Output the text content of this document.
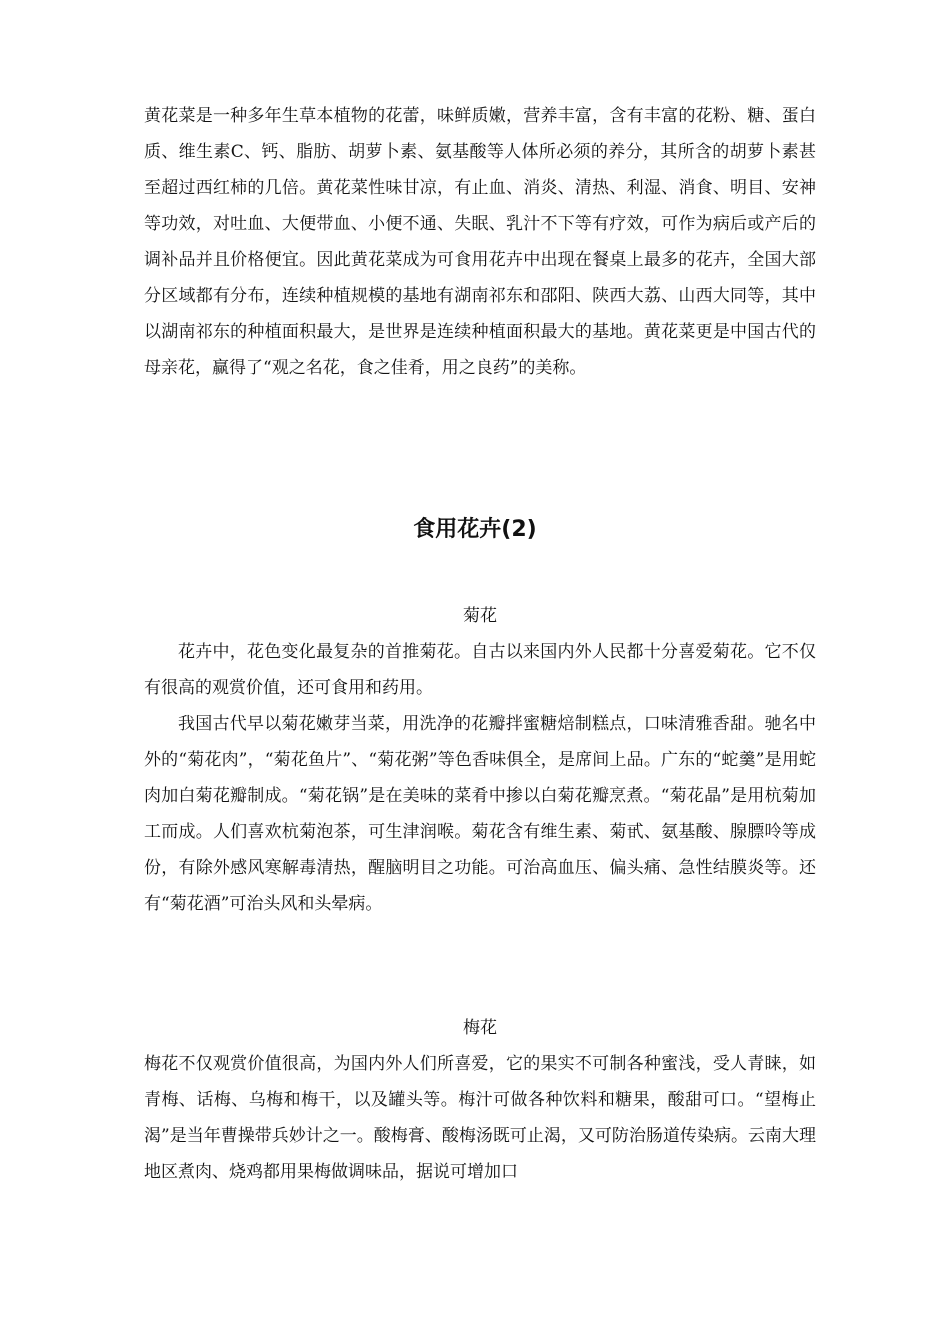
黄花菜是一种多年生草本植物的花蕾，味鲜质嫩，营养丰富，含有丰富的花粉、糖、蛋白质、维生素C、钙、脂肪、胡萝卜素、氨基酸等人体所必须的养分，其所含的胡萝卜素甚至超过西红柿的几倍。黄花菜性味甘凉，有止血、消炎、清热、利湿、消食、明目、安神等功效，对吐血、大便带血、小便不通、失眠、乳汁不下等有疗效，可作为病后或产后的调补品并且价格便宜。因此黄花菜成为可食用花卉中出现在餐桌上最多的花卉，全国大部分区域都有分布，连续种植规模的基地有湖南祁东和邵阳、陕西大荔、山西大同等，其中以湖南祁东的种植面积最大，是世界是连续种植面积最大的基地。黄花菜更是中国古代的母亲花，赢得了“观之名花，食之佳肴，用之良药”的美称。

食用花卉(2)

菊花

花卉中，花色变化最复杂的首推菊花。自古以来国内外人民都十分喜爱菊花。它不仅有很高的观赏价值，还可食用和药用。

我国古代早以菊花嫩芽当菜，用洗净的花瓣拌蜜糖焙制糕点，口味清雅香甜。驰名中外的“菊花肉”，“菊花鱼片”、“菊花粥”等色香味俱全，是席间上品。广东的“蛇羹”是用蛇肉加白菊花瓣制成。“菊花锅”是在美味的菜肴中掺以白菊花瓣烹煮。“菊花晶”是用杭菊加工而成。人们喜欢杭菊泡茶，可生津润喉。菊花含有维生素、菊甙、氨基酸、腺膘呤等成份，有除外感风寒解毒清热，醒脑明目之功能。可治高血压、偏头痛、急性结膜炎等。还有“菊花酒”可治头风和头晕病。

梅花

梅花不仅观赏价值很高，为国内外人们所喜爱，它的果实不可制各种蜜浅，受人青睐，如青梅、话梅、乌梅和梅干，以及罐头等。梅汁可做各种饮料和糖果，酸甜可口。“望梅止渴”是当年曹操带兵妙计之一。酸梅膏、酸梅汤既可止渴，又可防治肠道传染病。云南大理地区煮肉、烧鸡都用果梅做调味品，据说可增加口
